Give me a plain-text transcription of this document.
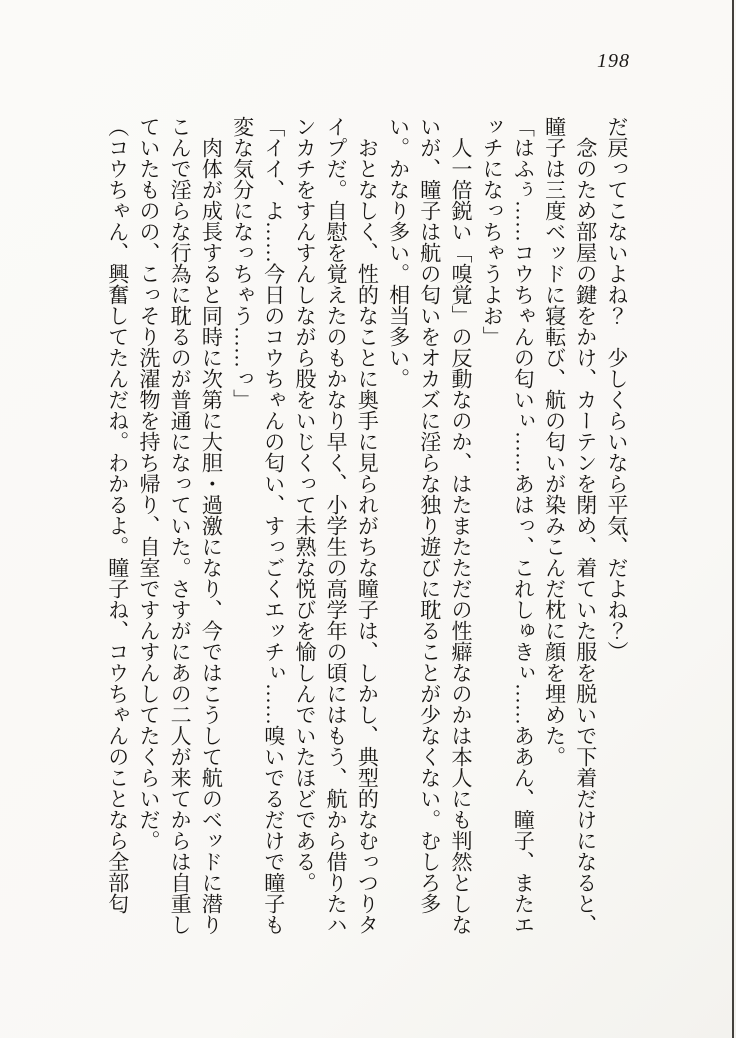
198

だ戻ってこないよね？　少しくらいなら平気、だよね？）

念のため部屋の鍵をかけ、カーテンを閉め、着ていた服を脱いで下着だけになると、瞳子は三度ベッドに寝転び、航の匂いが染みこんだ枕に顔を埋めた。

「はふぅ……コウちゃんの匂いぃ……あはっ、これしゅきぃ……ああん、瞳子、またエッチになっちゃうよお」

人一倍鋭い「嗅覚」の反動なのか、はたまたただの性癖なのかは本人にも判然としないが、瞳子は航の匂いをオカズに淫らな独り遊びに耽ることが少なくない。むしろ多い。かなり多い。相当多い。

おとなしく、性的なことに奥手に見られがちな瞳子は、しかし、典型的なむっつりタイプだ。自慰を覚えたのもかなり早く、小学生の高学年の頃にはもう、航から借りたハンカチをすんすんしながら股をいじくって未熟な悦びを愉しんでいたほどである。

「イイ、よ……今日のコウちゃんの匂い、すっごくエッチぃ……嗅いでるだけで瞳子も変な気分になっちゃう……っ」

肉体が成長すると同時に次第に大胆・過激になり、今ではこうして航のベッドに潜りこんで淫らな行為に耽るのが普通になっていた。さすがにあの二人が来てからは自重していたものの、こっそり洗濯物を持ち帰り、自室ですんすんしてたくらいだ。

（コウちゃん、興奮してたんだね。わかるよ。瞳子ね、コウちゃんのことなら全部匂
